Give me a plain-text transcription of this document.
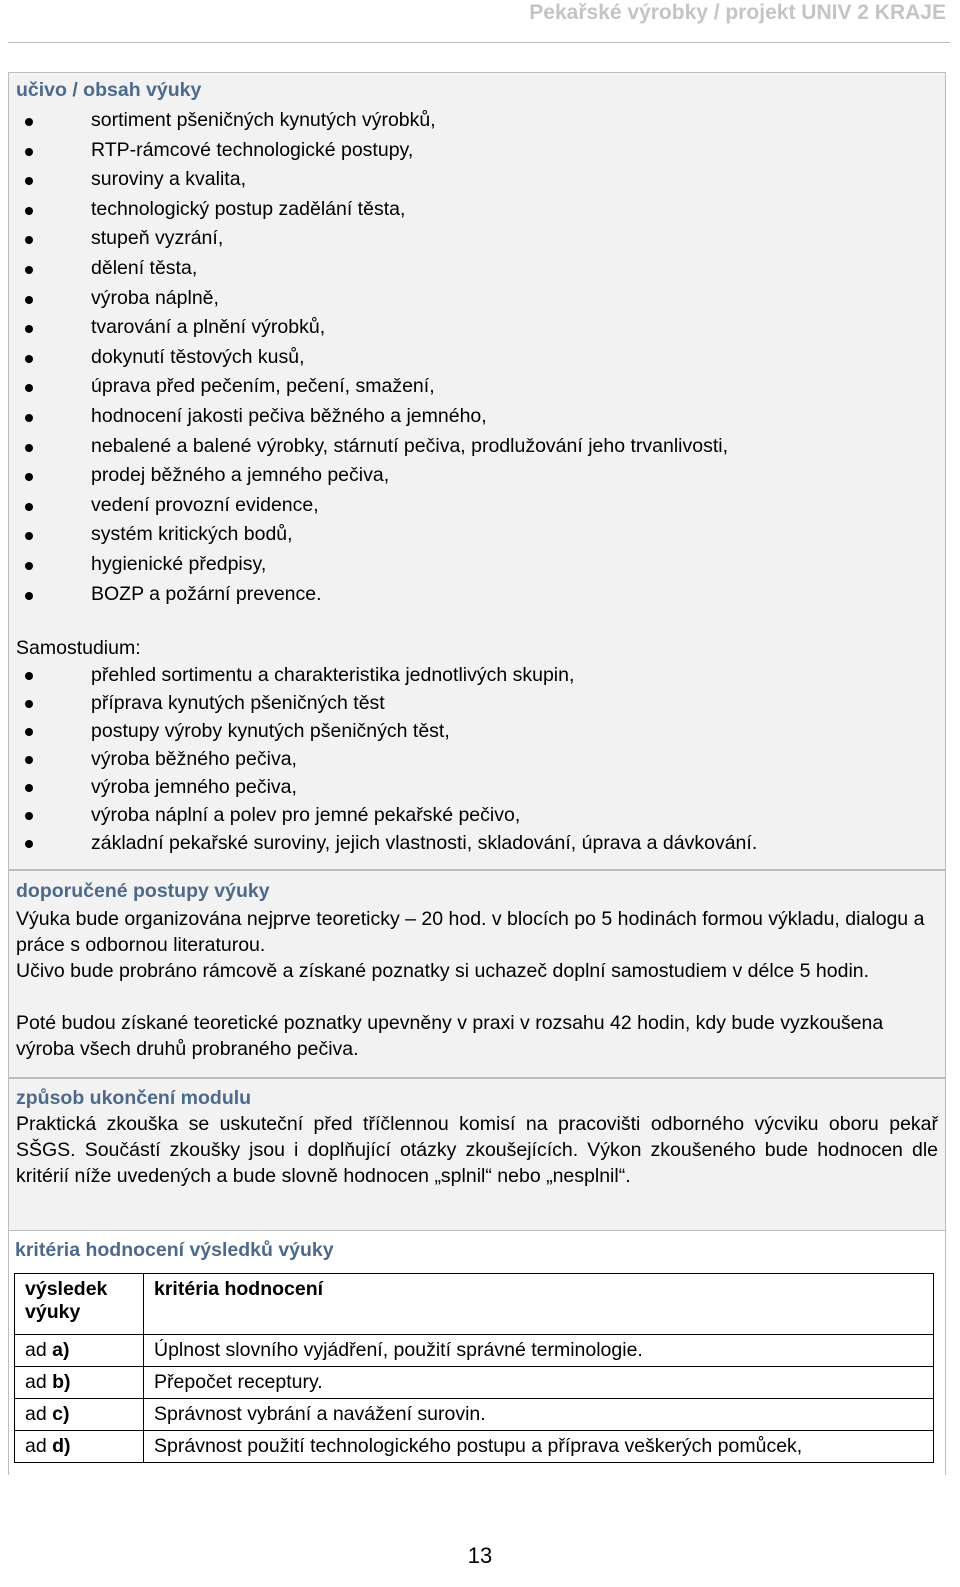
Pekařské výrobky / projekt UNIV 2 KRAJE
učivo / obsah výuky
sortiment pšeničných kynutých výrobků,
RTP-rámcové technologické postupy,
suroviny a kvalita,
technologický postup zadělání těsta,
stupeň vyzrání,
dělení těsta,
výroba náplně,
tvarování a plnění výrobků,
dokynutí těstových kusů,
úprava před pečením, pečení, smažení,
hodnocení jakosti pečiva běžného a jemného,
nebalené a balené výrobky, stárnutí pečiva, prodlužování jeho trvanlivosti,
prodej běžného a jemného pečiva,
vedení provozní evidence,
systém kritických bodů,
hygienické předpisy,
BOZP a požární prevence.
Samostudium:
přehled sortimentu a charakteristika jednotlivých skupin,
příprava kynutých pšeničných těst
postupy výroby kynutých pšeničných těst,
výroba běžného pečiva,
výroba jemného pečiva,
výroba náplní a polev pro jemné pekařské pečivo,
základní pekařské suroviny, jejich vlastnosti, skladování, úprava a dávkování.
doporučené postupy výuky
Výuka bude organizována nejprve teoreticky – 20 hod. v blocích po 5 hodinách formou výkladu, dialogu a práce s odbornou literaturou.
Učivo bude probráno rámcově a získané poznatky si uchazeč doplní samostudiem v délce 5 hodin.
Poté budou získané teoretické poznatky upevněny v praxi v rozsahu 42 hodin, kdy bude vyzkoušena výroba všech druhů probraného pečiva.
způsob ukončení modulu
Praktická zkouška se uskuteční před tříčlennou komisí na pracovišti odborného výcviku oboru pekař SŠGS. Součástí zkoušky jsou i doplňující otázky zkoušejících. Výkon zkoušeného bude hodnocen dle kritérií níže uvedených a bude slovně hodnocen „splnil“ nebo „nesplnil“.
kritéria hodnocení výsledků výuky
výsledek výuky	kritéria hodnocení
ad a)	Úplnost slovního vyjádření, použití správné terminologie.
ad b)	Přepočet receptury.
ad c)	Správnost vybrání a navážení surovin.
ad d)	Správnost použití technologického postupu a příprava veškerých pomůcek,
13
